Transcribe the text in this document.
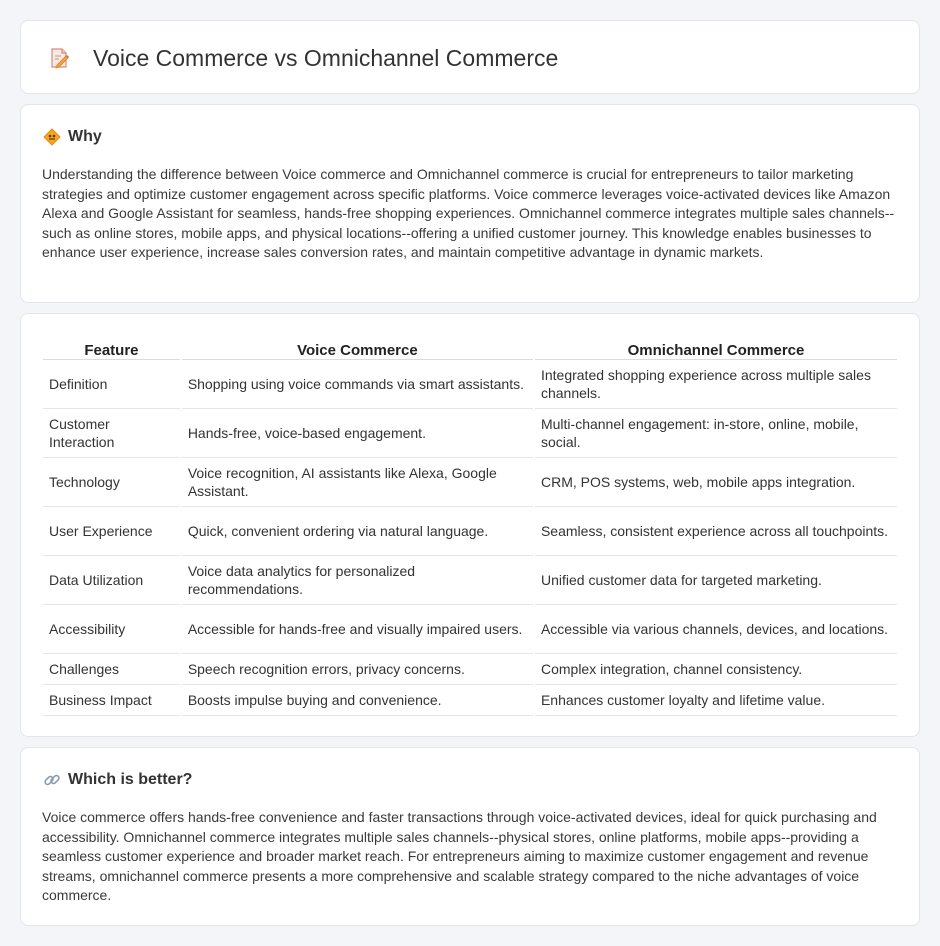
Voice Commerce vs Omnichannel Commerce
Why

Understanding the difference between Voice commerce and Omnichannel commerce is crucial for entrepreneurs to tailor marketing strategies and optimize customer engagement across specific platforms. Voice commerce leverages voice-activated devices like Amazon Alexa and Google Assistant for seamless, hands-free shopping experiences. Omnichannel commerce integrates multiple sales channels--such as online stores, mobile apps, and physical locations--offering a unified customer journey. This knowledge enables businesses to enhance user experience, increase sales conversion rates, and maintain competitive advantage in dynamic markets.

Feature	Voice Commerce	Omnichannel Commerce
Definition	Shopping using voice commands via smart assistants.	Integrated shopping experience across multiple sales channels.
Customer Interaction	Hands-free, voice-based engagement.	Multi-channel engagement: in-store, online, mobile, social.
Technology	Voice recognition, AI assistants like Alexa, Google Assistant.	CRM, POS systems, web, mobile apps integration.
User Experience	Quick, convenient ordering via natural language.	Seamless, consistent experience across all touchpoints.
Data Utilization	Voice data analytics for personalized recommendations.	Unified customer data for targeted marketing.
Accessibility	Accessible for hands-free and visually impaired users.	Accessible via various channels, devices, and locations.
Challenges	Speech recognition errors, privacy concerns.	Complex integration, channel consistency.
Business Impact	Boosts impulse buying and convenience.	Enhances customer loyalty and lifetime value.
Which is better?

Voice commerce offers hands-free convenience and faster transactions through voice-activated devices, ideal for quick purchasing and accessibility. Omnichannel commerce integrates multiple sales channels--physical stores, online platforms, mobile apps--providing a seamless customer experience and broader market reach. For entrepreneurs aiming to maximize customer engagement and revenue streams, omnichannel commerce presents a more comprehensive and scalable strategy compared to the niche advantages of voice commerce.
